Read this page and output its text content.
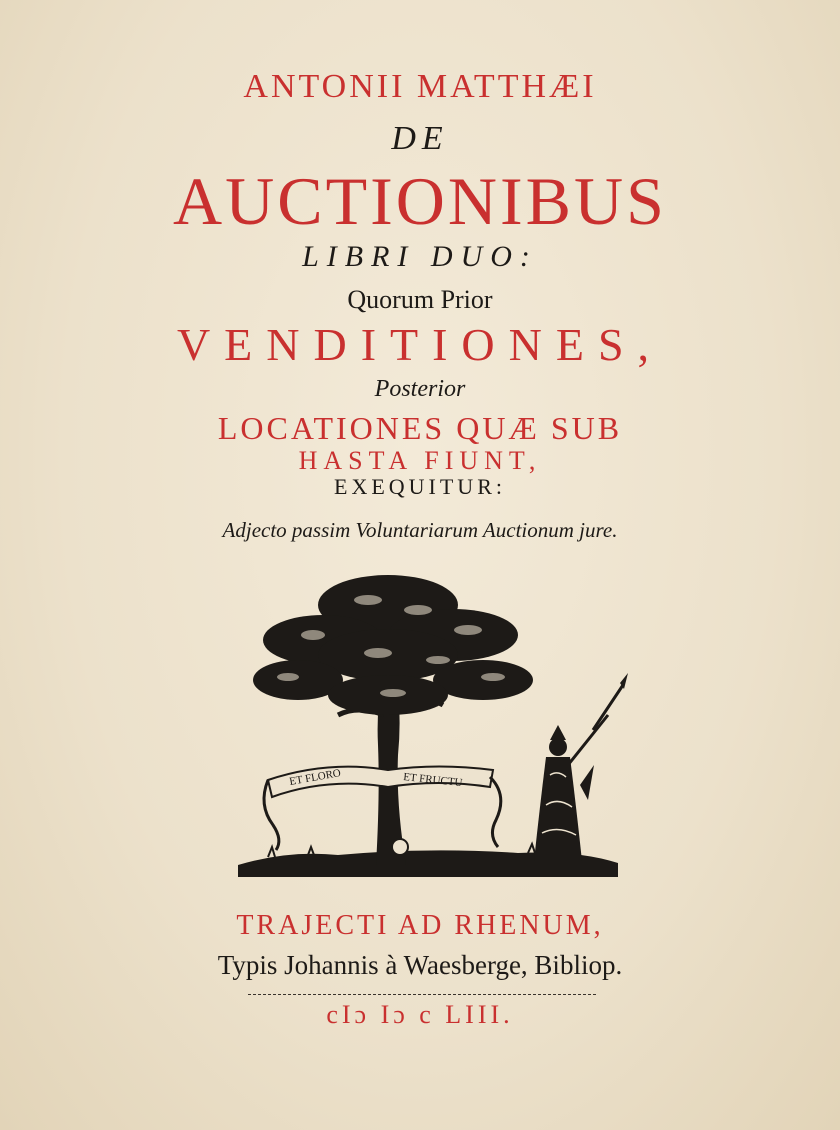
ANTONII MATTHÆI
DE
AUCTIONIBUS
LIBRI DUO:
Quorum Prior
VENDITIONES,
Posterior
LOCATIONES QUÆ SUB
HASTA FIUNT,
EXEQUITUR:
Adjecto passim Voluntariarum Auctionum jure.
ET FLORO	ET FRUCTU
TRAJECTI AD RHENUM,
Typis Johannis à Waesberge, Bibliop.
cIɔ Iɔ c LIII.
